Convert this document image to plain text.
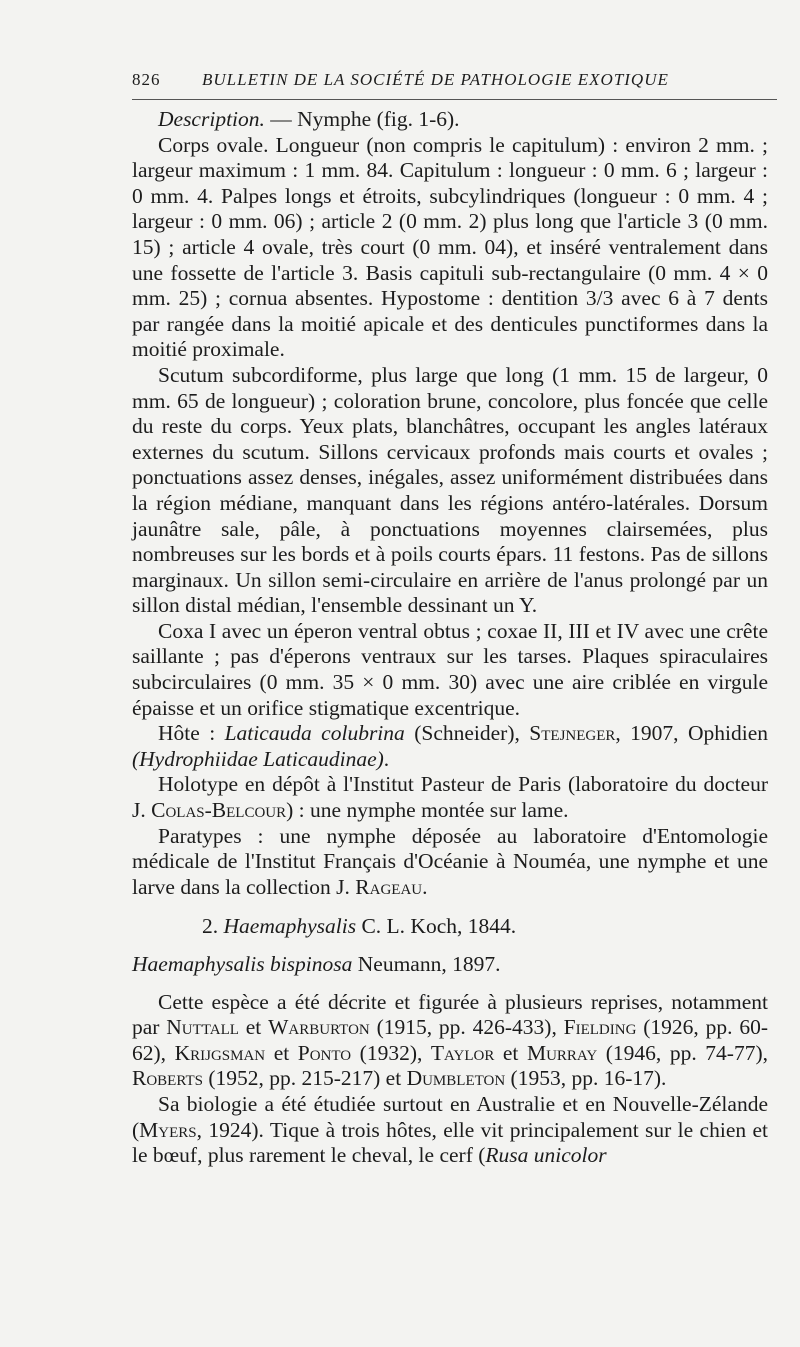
826 BULLETIN DE LA SOCIÉTÉ DE PATHOLOGIE EXOTIQUE

Description. — Nymphe (fig. 1-6).

Corps ovale. Longueur (non compris le capitulum) : environ 2 mm. ; largeur maximum : 1 mm. 84. Capitulum : longueur : 0 mm. 6 ; largeur : 0 mm. 4. Palpes longs et étroits, subcylindriques (longueur : 0 mm. 4 ; largeur : 0 mm. 06) ; article 2 (0 mm. 2) plus long que l'article 3 (0 mm. 15) ; article 4 ovale, très court (0 mm. 04), et inséré ventralement dans une fossette de l'article 3. Basis capituli sub-rectangulaire (0 mm. 4 × 0 mm. 25) ; cornua absentes. Hypostome : dentition 3/3 avec 6 à 7 dents par rangée dans la moitié apicale et des denticules punctiformes dans la moitié proximale.

Scutum subcordiforme, plus large que long (1 mm. 15 de largeur, 0 mm. 65 de longueur) ; coloration brune, concolore, plus foncée que celle du reste du corps. Yeux plats, blanchâtres, occupant les angles latéraux externes du scutum. Sillons cervicaux profonds mais courts et ovales ; ponctuations assez denses, inégales, assez uniformément distribuées dans la région médiane, manquant dans les régions antéro-latérales. Dorsum jaunâtre sale, pâle, à ponctuations moyennes clairsemées, plus nombreuses sur les bords et à poils courts épars. 11 festons. Pas de sillons marginaux. Un sillon semi-circulaire en arrière de l'anus prolongé par un sillon distal médian, l'ensemble dessinant un Y.

Coxa I avec un éperon ventral obtus ; coxae II, III et IV avec une crête saillante ; pas d'éperons ventraux sur les tarses. Plaques spiraculaires subcirculaires (0 mm. 35 × 0 mm. 30) avec une aire criblée en virgule épaisse et un orifice stigmatique excentrique.

Hôte : Laticauda colubrina (Schneider), Stejneger, 1907, Ophidien (Hydrophiidae Laticaudinae).

Holotype en dépôt à l'Institut Pasteur de Paris (laboratoire du docteur J. Colas-Belcour) : une nymphe montée sur lame.

Paratypes : une nymphe déposée au laboratoire d'Entomologie médicale de l'Institut Français d'Océanie à Nouméa, une nymphe et une larve dans la collection J. Rageau.

2. Haemaphysalis C. L. Koch, 1844.

Haemaphysalis bispinosa Neumann, 1897.

Cette espèce a été décrite et figurée à plusieurs reprises, notamment par Nuttall et Warburton (1915, pp. 426-433), Fielding (1926, pp. 60-62), Krijgsman et Ponto (1932), Taylor et Murray (1946, pp. 74-77), Roberts (1952, pp. 215-217) et Dumbleton (1953, pp. 16-17).

Sa biologie a été étudiée surtout en Australie et en Nouvelle-Zélande (Myers, 1924). Tique à trois hôtes, elle vit principalement sur le chien et le bœuf, plus rarement le cheval, le cerf (Rusa unicolor
